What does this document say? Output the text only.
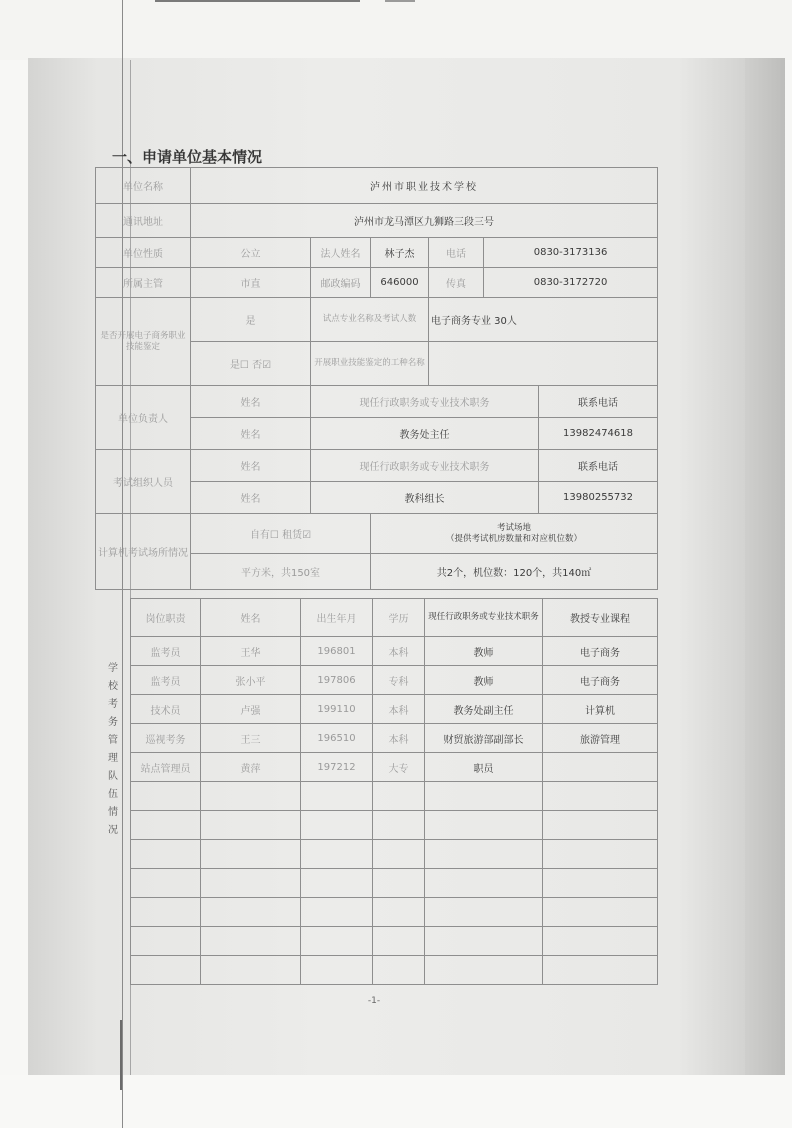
一、申请单位基本情况
单位名称	泸州市职业技术学校					
通讯地址	泸州市龙马潭区九狮路三段三号					
单位性质	公立	法人姓名	林子杰	电话	0830-3173136	
所属主管	市直	邮政编码	646000	传真	0830-3172720	
是否开展电子商务职业技能鉴定	是	试点专业名称及考试人数		电子商务专业 30人		
	是☐ 否☑	开展职业技能鉴定的工种名称				
单位负责人	姓名	现任行政职务或专业技术职务				联系电话
	姓名	教务处主任				13982474618
考试组织人员	姓名	现任行政职务或专业技术职务				联系电话
	姓名	教科组长				13980255732
计算机考试场所情况	自有☐ 租赁☑		考试场地
（提供考试机房数量和对应机位数）			

	平方米，共150室		共2个，机位数：120个，共140㎡			
岗位职责	姓名	出生年月	学历	现任行政职务或专业技术职务	教授专业课程
监考员	王华	196801	本科	教师	电子商务
监考员	张小平	197806	专科	教师	电子商务
技术员	卢强	199110	本科	教务处副主任	计算机
巡视考务	王三	196510	本科	财贸旅游部副部长	旅游管理
站点管理员	黄萍	197212	大专	职员	

学校考务管理队伍情况
-1-
